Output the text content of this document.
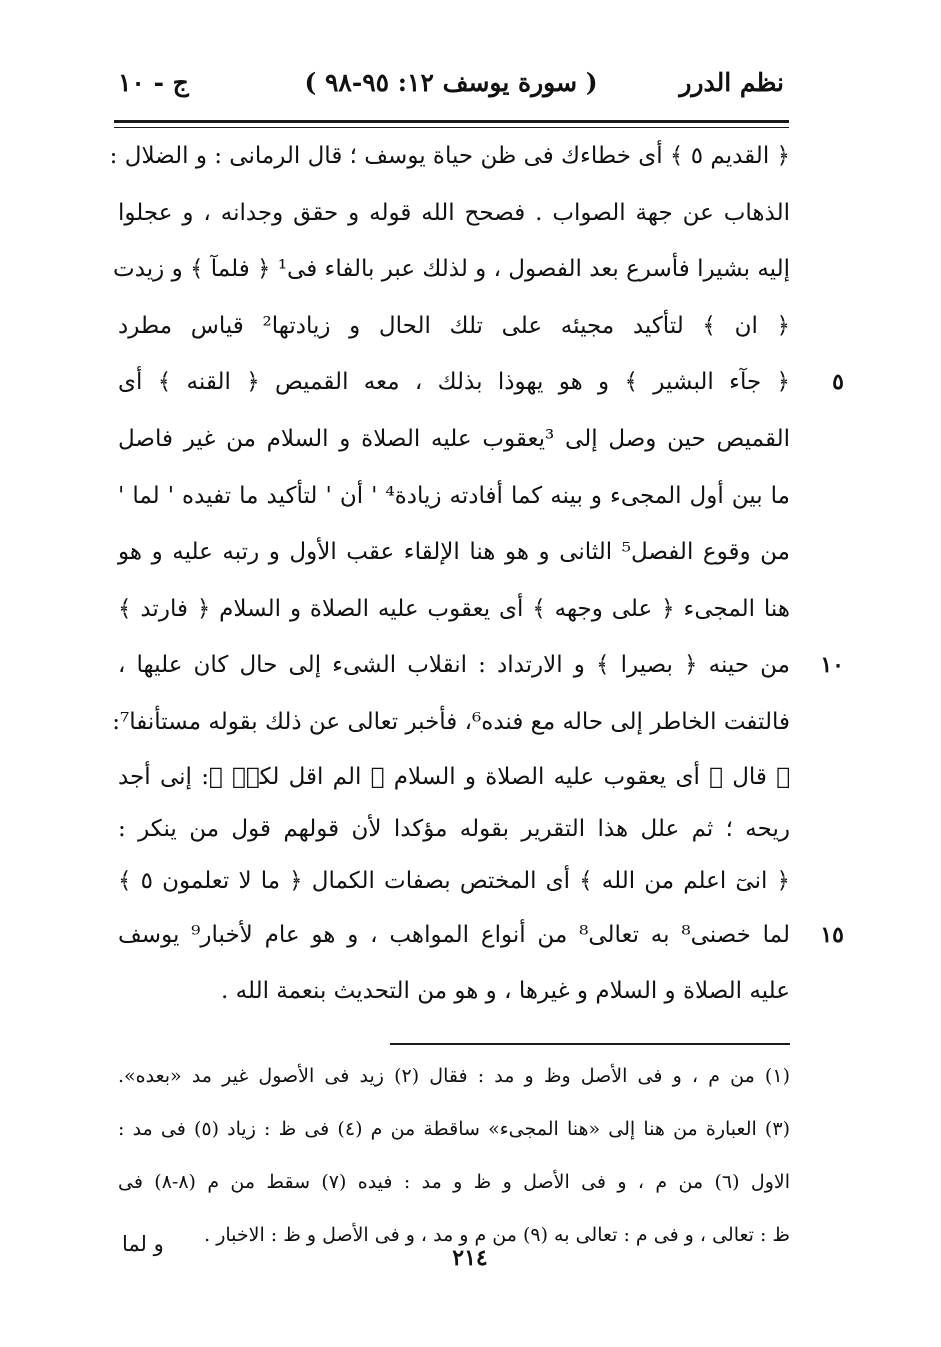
نظم الدرر
( سورة يوسف ١٢: ٩٥-٩٨ )
ج - ١٠
﴿ القديم ٥ ﴾ أى خطاءك فى ظن حياة يوسف ؛ قال الرمانى : و الضلال :
الذهاب عن جهة الصواب . فصحح الله قوله و حقق وجدانه ، و عجلوا
إليه بشيرا فأسرع بعد الفصول ، و لذلك عبر بالفاء فى¹ ﴿ فلمآ ﴾ و زيدت
﴿ ان ﴾ لتأكيد مجيئه على تلك الحال و زيادتها² قياس مطرد
٥
﴿ جآء البشير ﴾ و هو يهوذا بذلك ، معه القميص ﴿ القنه ﴾ أى
القميص حين وصل إلى ³يعقوب عليه الصلاة و السلام من غير فاصل
ما بين أول المجىء و بينه كما أفادته زيادة⁴ ' أن ' لتأكيد ما تفيده ' لما '
من وقوع الفصل⁵ الثانى و هو هنا الإلقاء عقب الأول و رتبه عليه و هو
هنا المجىء ﴿ على وجهه ﴾ أى يعقوب عليه الصلاة و السلام ﴿ فارتد ﴾
١٠
من حينه ﴿ بصيرا ﴾ و الارتداد : انقلاب الشىء إلى حال كان عليها ،
فالتفت الخاطر إلى حاله مع فنده⁶، فأخبر تعالى عن ذلك بقوله مستأنفا⁷:
﴿ قال ﴾ أى يعقوب عليه الصلاة و السلام ﴿ الم اقل لكمۚ ﴾: إنى أجد
ريحه ؛ ثم علل هذا التقرير بقوله مؤكدا لأن قولهم قول من ينكر :
﴿ انىٓ اعلم من الله ﴾ أى المختص بصفات الكمال ﴿ ما لا تعلمون ٥ ﴾
١٥
لما خصنى⁸ به تعالى⁸ من أنواع المواهب ، و هو عام لأخبار⁹ يوسف
عليه الصلاة و السلام و غيرها ، و هو من التحديث بنعمة الله .
(١) من م ، و فى الأصل وظ و مد : فقال (٢) زيد فى الأصول غير مد «بعده».
(٣) العبارة من هنا إلى «هنا المجىء» ساقطة من م (٤) فى ظ : زياد (٥) فى مد :
الاول (٦) من م ، و فى الأصل و ظ و مد : فيده (٧) سقط من م (٨-٨) فى
ظ : تعالى ، و فى م : تعالى به (٩) من م و مد ، و فى الأصل و ظ : الاخبار .
و لما
٢١٤
